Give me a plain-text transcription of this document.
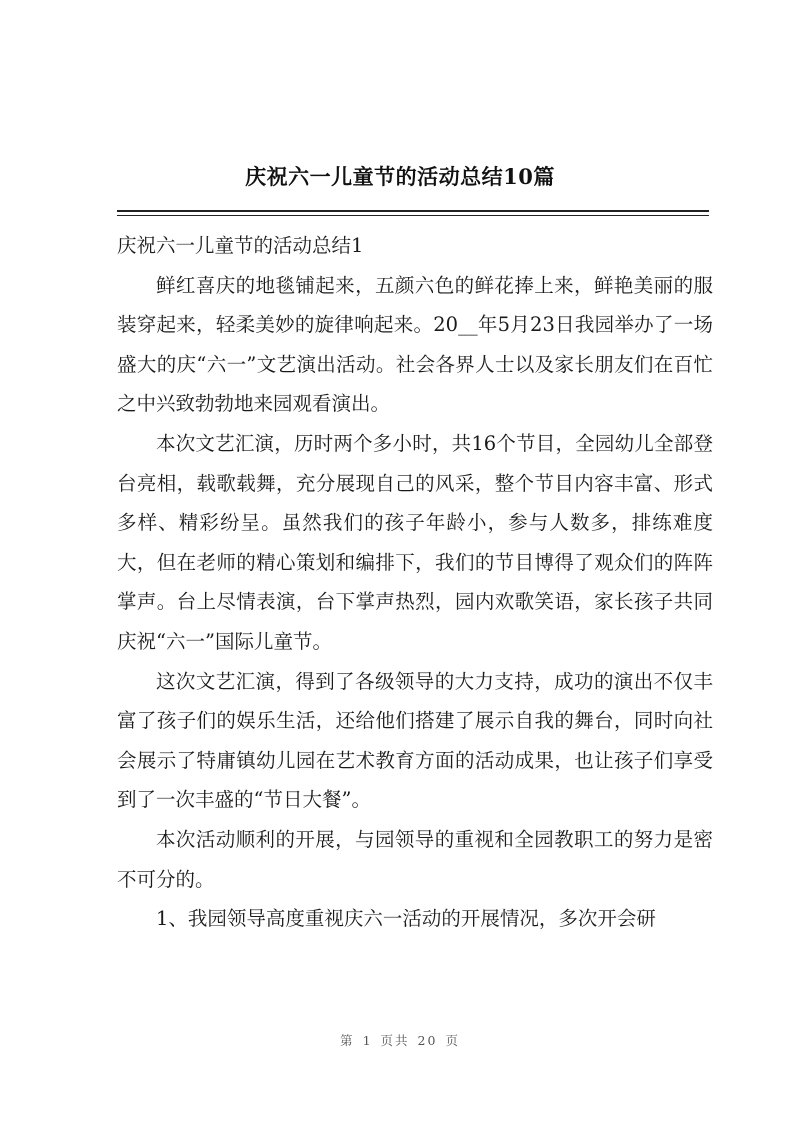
庆祝六一儿童节的活动总结10篇

庆祝六一儿童节的活动总结1

鲜红喜庆的地毯铺起来，五颜六色的鲜花捧上来，鲜艳美丽的服装穿起来，轻柔美妙的旋律响起来。20__年5月23日我园举办了一场盛大的庆“六一”文艺演出活动。社会各界人士以及家长朋友们在百忙之中兴致勃勃地来园观看演出。

本次文艺汇演，历时两个多小时，共16个节目，全园幼儿全部登台亮相，载歌载舞，充分展现自己的风采，整个节目内容丰富、形式多样、精彩纷呈。虽然我们的孩子年龄小，参与人数多，排练难度大，但在老师的精心策划和编排下，我们的节目博得了观众们的阵阵掌声。台上尽情表演，台下掌声热烈，园内欢歌笑语，家长孩子共同庆祝“六一”国际儿童节。

这次文艺汇演，得到了各级领导的大力支持，成功的演出不仅丰富了孩子们的娱乐生活，还给他们搭建了展示自我的舞台，同时向社会展示了特庸镇幼儿园在艺术教育方面的活动成果，也让孩子们享受到了一次丰盛的“节日大餐”。

本次活动顺利的开展，与园领导的重视和全园教职工的努力是密不可分的。

1、我园领导高度重视庆六一活动的开展情况，多次开会研

第 1 页共 20 页
